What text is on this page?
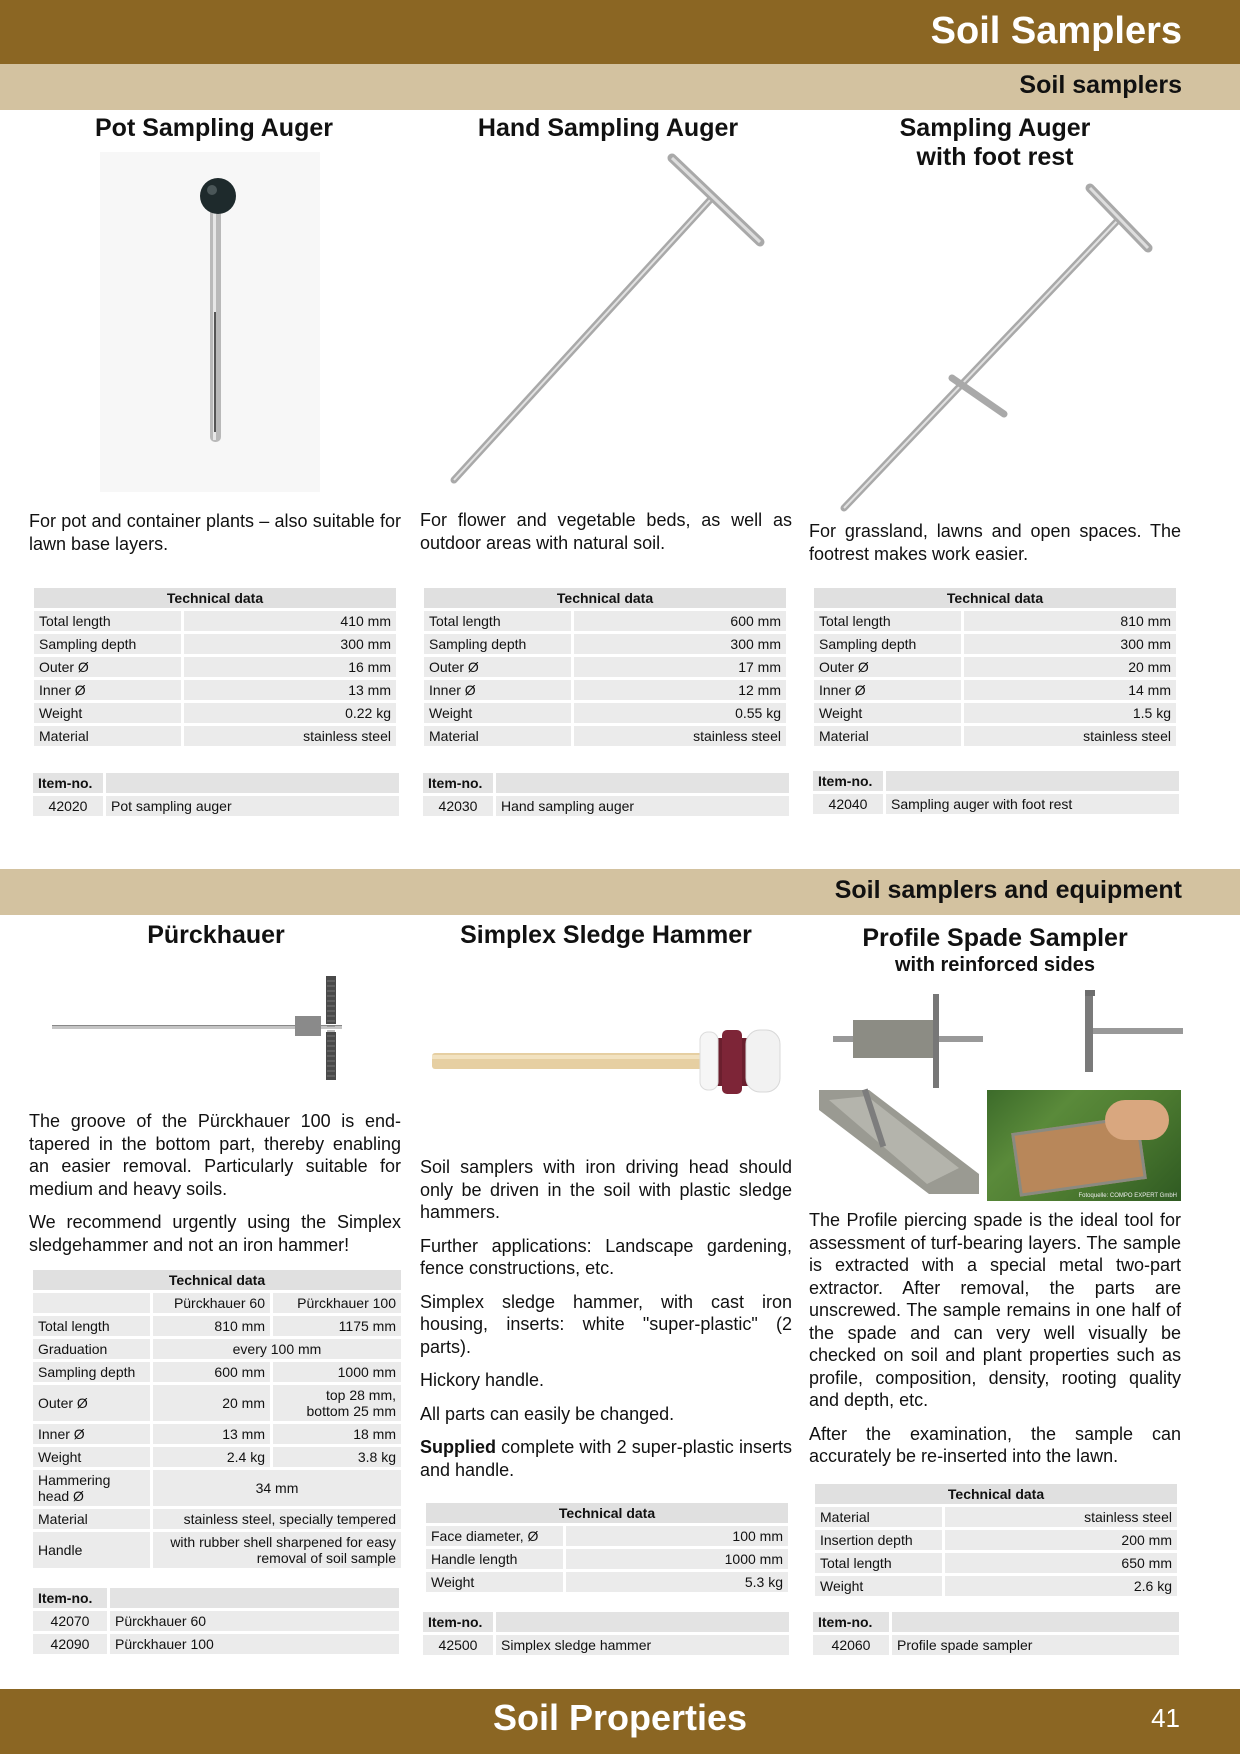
Soil Samplers
Soil samplers
Pot Sampling Auger

For pot and container plants – also suitable for lawn base layers.

Technical data	
Total length	410 mm
Sampling depth	300 mm
Outer Ø	16 mm
Inner Ø	13 mm
Weight	0.22 kg
Material	stainless steel
Item-no.	
42020	Pot sampling auger
Hand Sampling Auger

For flower and vegetable beds, as well as outdoor areas with natural soil.

Technical data	
Total length	600 mm
Sampling depth	300 mm
Outer Ø	17 mm
Inner Ø	12 mm
Weight	0.55 kg
Material	stainless steel
Item-no.	
42030	Hand sampling auger
Sampling Auger
with foot rest

For grassland, lawns and open spaces. The footrest makes work easier.

Technical data	
Total length	810 mm
Sampling depth	300 mm
Outer Ø	20 mm
Inner Ø	14 mm
Weight	1.5 kg
Material	stainless steel
Item-no.	
42040	Sampling auger with foot rest
Soil samplers and equipment
Pürckhauer

The groove of the Pürckhauer 100 is end-tapered in the bottom part, thereby enabling an easier removal. Particularly suitable for medium and heavy soils.

We recommend urgently using the Simplex sledgehammer and not an iron hammer!

Technical data		
	Pürckhauer 60	Pürckhauer 100
Total length	810 mm	1175 mm
Graduation	every 100 mm	
Sampling depth	600 mm	1000 mm
Outer Ø	20 mm	top 28 mm,
bottom 25 mm
Inner Ø	13 mm	18 mm
Weight	2.4 kg	3.8 kg
Hammering
head Ø	34 mm	
Material	stainless steel, specially tempered	
Handle	with rubber shell sharpened for easy
removal of soil sample	
Item-no.	
42070	Pürckhauer 60
42090	Pürckhauer 100
Simplex Sledge Hammer

Soil samplers with iron driving head should only be driven in the soil with plastic sledge hammers.

Further applications: Landscape gardening, fence constructions, etc.

Simplex sledge hammer, with cast iron housing, inserts: white "super-plastic" (2 parts).

Hickory handle.

All parts can easily be changed.

Supplied complete with 2 super-plastic inserts and handle.

Technical data	
Face diameter, Ø	100 mm
Handle length	1000 mm
Weight	5.3 kg
Item-no.	
42500	Simplex sledge hammer
Profile Spade Sampler
with reinforced sides
Fotoquelle: COMPO EXPERT GmbH

The Profile piercing spade is the ideal tool for assessment of turf-bearing layers. The sample is extracted with a special metal two-part extractor. After removal, the parts are unscrewed. The sample remains in one half of the spade and can very well visually be checked on soil and plant properties such as profile, composition, density, rooting quality and depth, etc.

After the examination, the sample can accurately be re-inserted into the lawn.

Technical data	
Material	stainless steel
Insertion depth	200 mm
Total length	650 mm
Weight	2.6 kg
Item-no.	
42060	Profile spade sampler
Soil Properties	41
